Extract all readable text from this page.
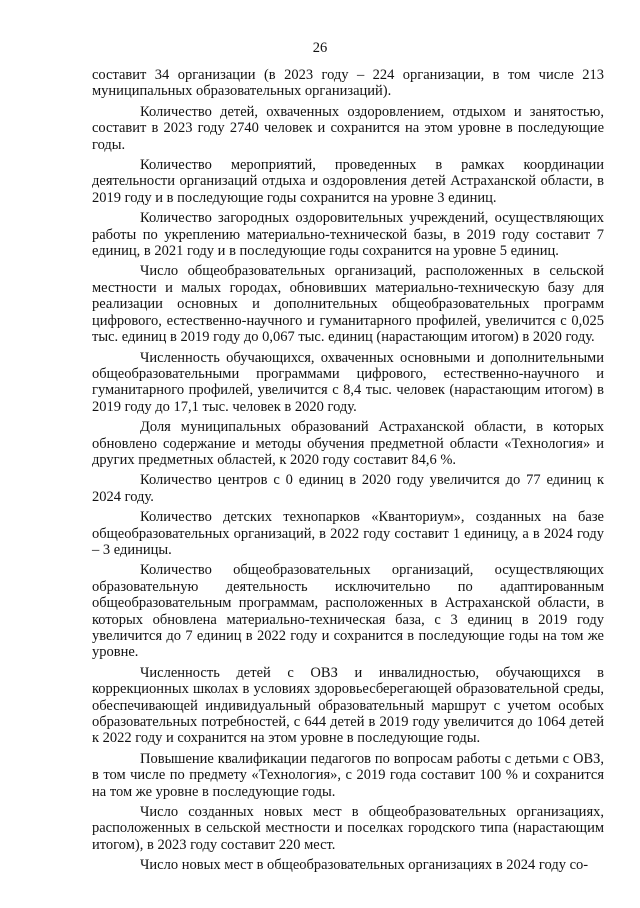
26

составит 34 организации (в 2023 году – 224 организации, в том числе 213 муниципальных образовательных организаций).

Количество детей, охваченных оздоровлением, отдыхом и занятостью, составит в 2023 году 2740 человек и сохранится на этом уровне в последующие годы.

Количество мероприятий, проведенных в рамках координации деятельности организаций отдыха и оздоровления детей Астраханской области, в 2019 году и в последующие годы сохранится на уровне 3 единиц.

Количество загородных оздоровительных учреждений, осуществляющих работы по укреплению материально-технической базы, в 2019 году составит 7 единиц, в 2021 году и в последующие годы сохранится на уровне 5 единиц.

Число общеобразовательных организаций, расположенных в сельской местности и малых городах, обновивших материально-техническую базу для реализации основных и дополнительных общеобразовательных программ цифрового, естественно-научного и гуманитарного профилей, увеличится с 0,025 тыс. единиц в 2019 году до 0,067 тыс. единиц (нарастающим итогом) в 2020 году.

Численность обучающихся, охваченных основными и дополнительными общеобразовательными программами цифрового, естественно-научного и гуманитарного профилей, увеличится с 8,4 тыс. человек (нарастающим итогом) в 2019 году до 17,1 тыс. человек в 2020 году.

Доля муниципальных образований Астраханской области, в которых обновлено содержание и методы обучения предметной области «Технология» и других предметных областей, к 2020 году составит 84,6 %.

Количество центров с 0 единиц в 2020 году увеличится до 77 единиц к 2024 году.

Количество детских технопарков «Кванториум», созданных на базе общеобразовательных организаций, в 2022 году составит 1 единицу, а в 2024 году – 3 единицы.

Количество общеобразовательных организаций, осуществляющих образовательную деятельность исключительно по адаптированным общеобразовательным программам, расположенных в Астраханской области, в которых обновлена материально-техническая база, с 3 единиц в 2019 году увеличится до 7 единиц в 2022 году и сохранится в последующие годы на том же уровне.

Численность детей с ОВЗ и инвалидностью, обучающихся в коррекционных школах в условиях здоровьесберегающей образовательной среды, обеспечивающей индивидуальный образовательный маршрут с учетом особых образовательных потребностей, с 644 детей в 2019 году увеличится до 1064 детей к 2022 году и сохранится на этом уровне в последующие годы.

Повышение квалификации педагогов по вопросам работы с детьми с ОВЗ, в том числе по предмету «Технология», с 2019 года составит 100 % и сохранится на том же уровне в последующие годы.

Число созданных новых мест в общеобразовательных организациях, расположенных в сельской местности и поселках городского типа (нарастающим итогом), в 2023 году составит 220 мест.

Число новых мест в общеобразовательных организациях в 2024 году со-
